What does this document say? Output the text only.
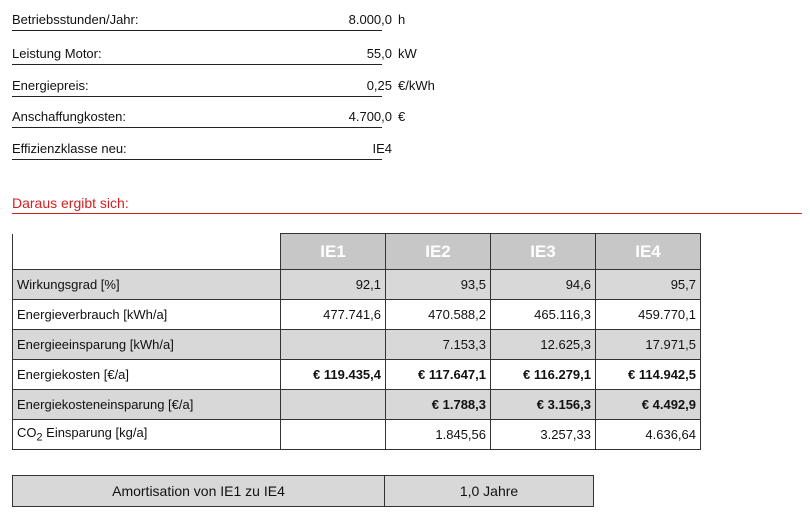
Betriebsstunden/Jahr:	8.000,0 h
Leistung Motor:	55,0 kW
Energiepreis:	0,25 €/kWh
Anschaffungkosten:	4.700,0 €
Effizienzklasse neu:	IE4
Daraus ergibt sich:
	IE1	IE2	IE3	IE4
Wirkungsgrad [%]	92,1	93,5	94,6	95,7
Energieverbrauch [kWh/a]	477.741,6	470.588,2	465.116,3	459.770,1
Energieeinsparung [kWh/a]		7.153,3	12.625,3	17.971,5
Energiekosten [€/a]	€ 119.435,4	€ 117.647,1	€ 116.279,1	€ 114.942,5
Energiekosteneinsparung [€/a]		€ 1.788,3	€ 3.156,3	€ 4.492,9
$CO_2$ Einsparung [kg/a]		1.845,56	3.257,33	4.636,64
Amortisation von IE1 zu IE4	1,0 Jahre
